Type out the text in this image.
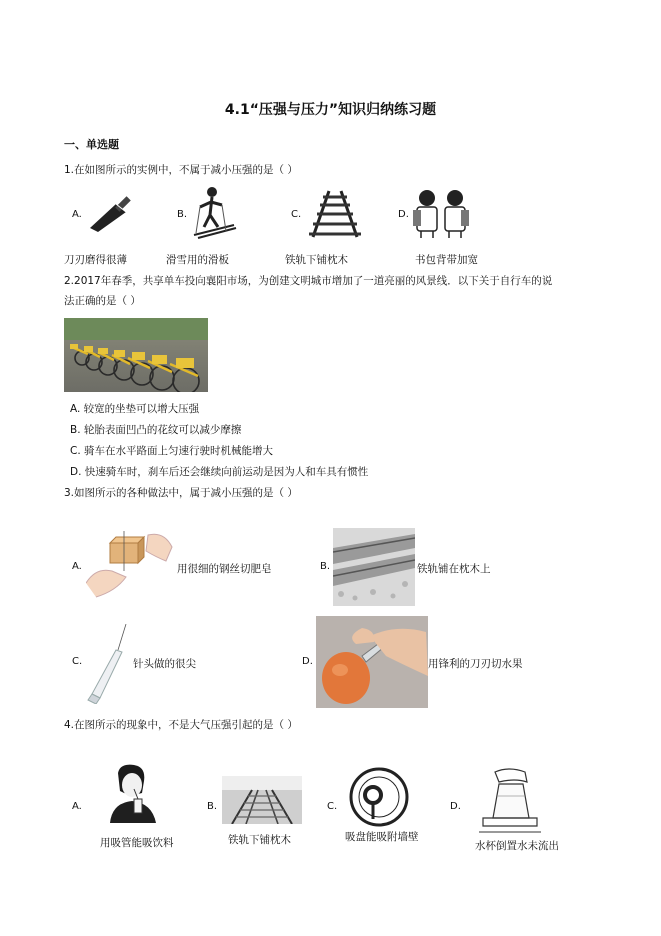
4.1“压强与压力”知识归纳练习题
一、单选题
1.在如图所示的实例中，不属于减小压强的是（ ）
A.	B.	C.	D.
刀刃磨得很薄	滑雪用的滑板	铁轨下铺枕木	书包背带加宽
2.2017年春季，共享单车投向襄阳市场，为创建文明城市增加了一道亮丽的风景线．以下关于自行车的说
法正确的是（ ）
A. 较宽的坐垫可以增大压强
B. 轮胎表面凹凸的花纹可以减少摩擦
C. 骑车在水平路面上匀速行驶时机械能增大
D. 快速骑车时，刹车后还会继续向前运动是因为人和车具有惯性
3.如图所示的各种做法中，属于减小压强的是（ ）
A.	用很细的钢丝切肥皂	B.	铁轨铺在枕木上
C.	针头做的很尖	D.	用锋利的刀刃切水果
4.在图所示的现象中，不是大气压强引起的是（ ）
A.
用吸管能吸饮料
B.
铁轨下铺枕木
C.
吸盘能吸附墙壁
D.
水杯倒置水未流出
